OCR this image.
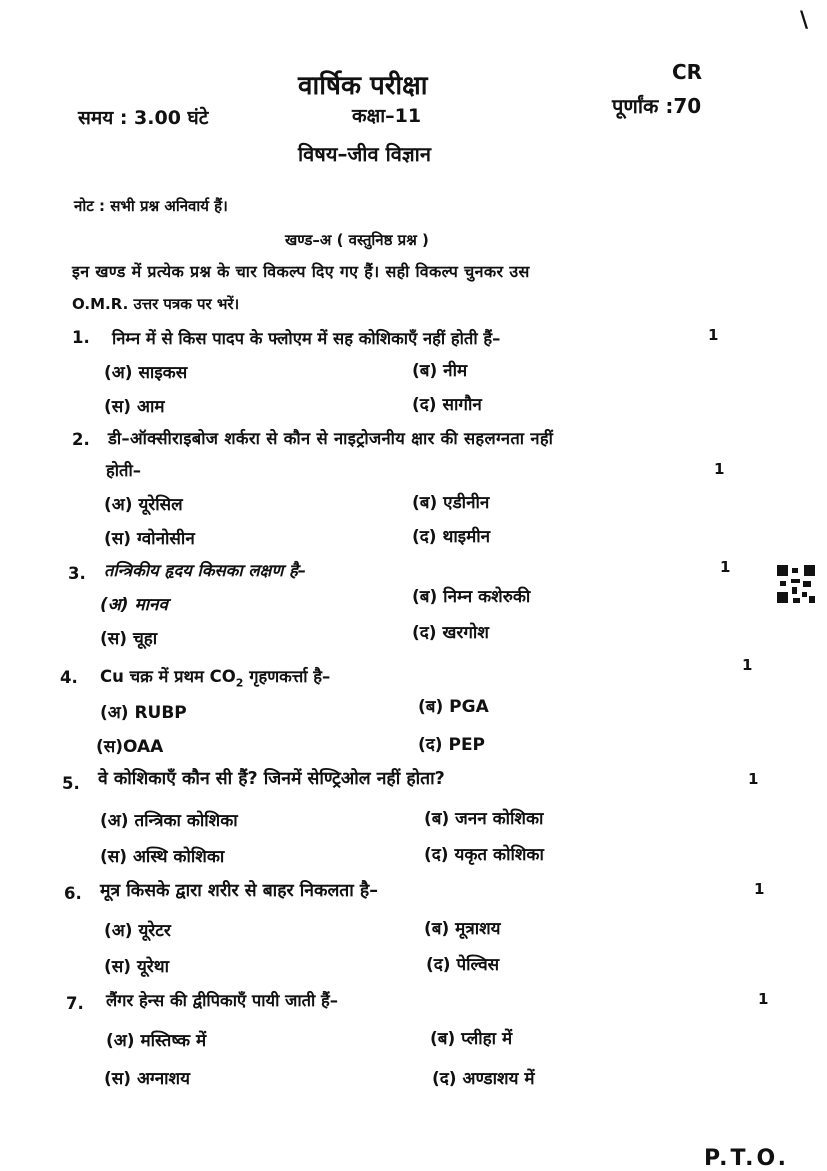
\
वार्षिक परीक्षा	CR
समय : 3.00 घंटे	कक्षा–11	पूर्णांक :70
विषय–जीव विज्ञान
नोट : सभी प्रश्न अनिवार्य हैं।
खण्ड–अ ( वस्तुनिष्ठ प्रश्न )
इन खण्ड में प्रत्येक प्रश्न के चार विकल्प दिए गए हैं। सही विकल्प चुनकर उस
O.M.R. उत्तर पत्रक पर भरें।
1. निम्न में से किस पादप के फ्लोएम में सह कोशिकाएँ नहीं होती हैं–	1
(अ) साइकस	(ब) नीम
(स) आम	(द) सागौन
2. डी–ऑक्सीराइबोज शर्करा से कौन से नाइट्रोजनीय क्षार की सहलग्नता नहीं
होती–	1
(अ) यूरेसिल	(ब) एडीनीन
(स) ग्वोनोसीन	(द) थाइमीन
3. तन्त्रिकीय हृदय किसका लक्षण है–	1
(अ) मानव	(ब) निम्न कशेरुकी
(स) चूहा	(द) खरगोश
4. Cu चक्र में प्रथम $CO_2$ गृहणकर्त्ता है–
1
(अ) RUBP	(ब) PGA
(स)OAA	(द) PEP
5. वे कोशिकाएँ कौन सी हैं? जिनमें सेण्ट्रिओल नहीं होता?	1
(अ) तन्त्रिका कोशिका	(ब) जनन कोशिका
(स) अस्थि कोशिका	(द) यकृत कोशिका
6. मूत्र किसके द्वारा शरीर से बाहर निकलता है–	1
(अ) यूरेटर	(ब) मूत्राशय
(स) यूरेथा	(द) पेल्विस
7. लैंगर हेन्स की द्वीपिकाएँ पायी जाती हैं–	1
(अ) मस्तिष्क में	(ब) प्लीहा में
(स) अग्नाशय	(द) अण्डाशय में
P.T.O.
